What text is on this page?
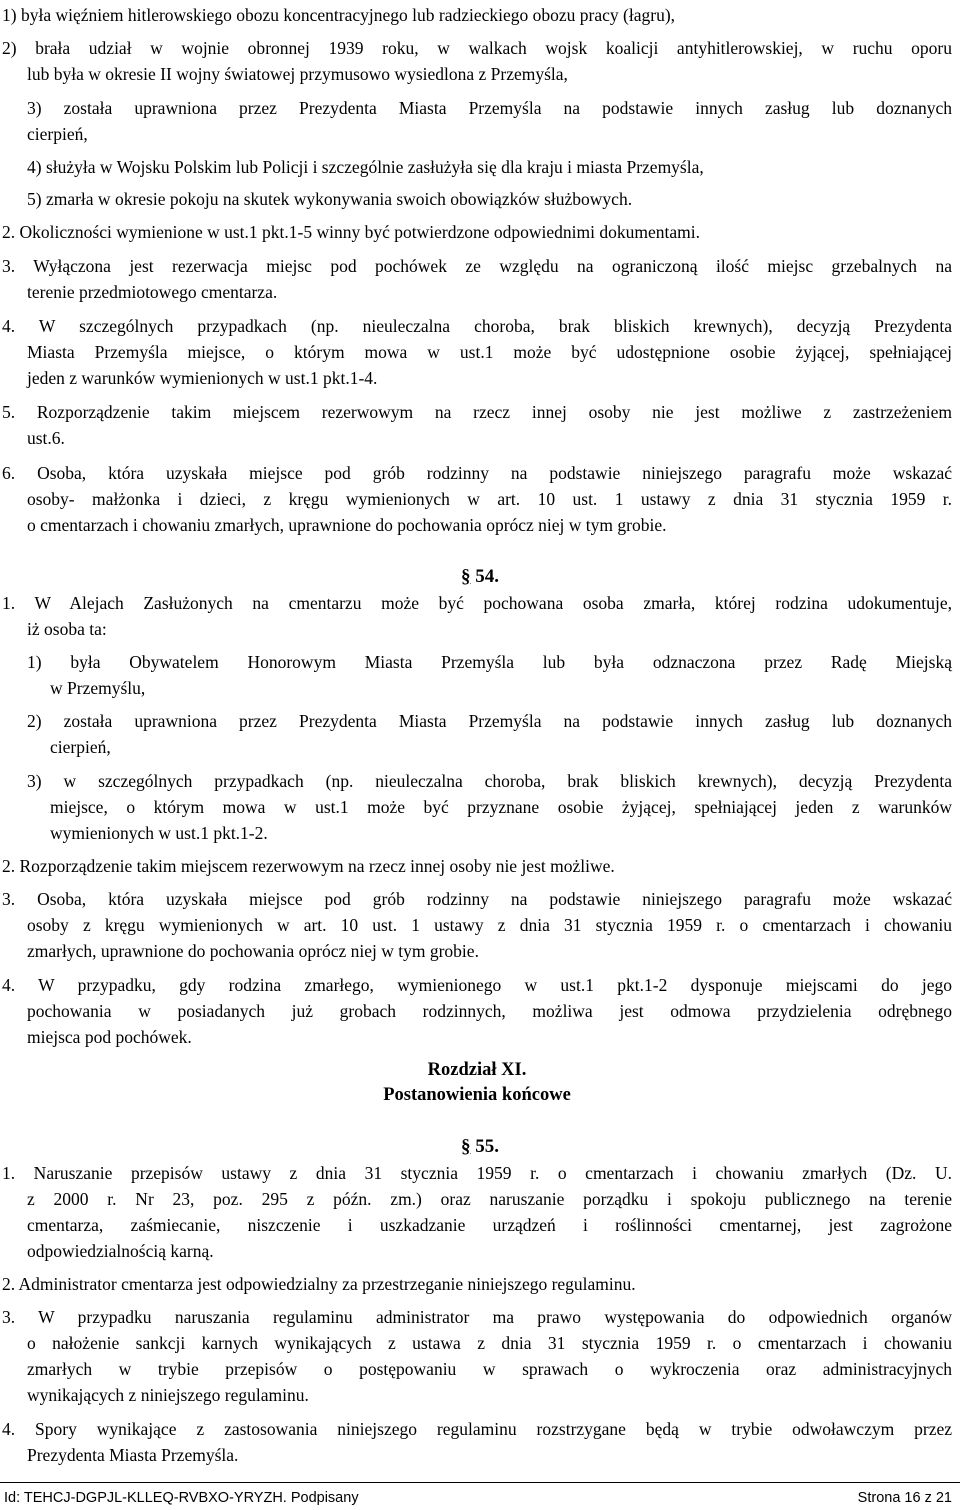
1) była więźniem hitlerowskiego obozu koncentracyjnego lub radzieckiego obozu pracy (łagru),
2) brała udział w wojnie obronnej 1939 roku, w walkach wojsk koalicji antyhitlerowskiej, w ruchu oporu
lub była w okresie II wojny światowej przymusowo wysiedlona z Przemyśla,
3) została uprawniona przez Prezydenta Miasta Przemyśla na podstawie innych zasług lub doznanych
cierpień,
4) służyła w Wojsku Polskim lub Policji i szczególnie zasłużyła się dla kraju i miasta Przemyśla,
5) zmarła w okresie pokoju na skutek wykonywania swoich obowiązków służbowych.
2. Okoliczności wymienione w ust.1 pkt.1-5 winny być potwierdzone odpowiednimi dokumentami.
3. Wyłączona jest rezerwacja miejsc pod pochówek ze względu na ograniczoną ilość miejsc grzebalnych na
terenie przedmiotowego cmentarza.
4. W szczególnych przypadkach (np. nieuleczalna choroba, brak bliskich krewnych), decyzją Prezydenta
Miasta Przemyśla miejsce, o którym mowa w ust.1 może być udostępnione osobie żyjącej, spełniającej
jeden z warunków wymienionych w ust.1 pkt.1-4.
5. Rozporządzenie takim miejscem rezerwowym na rzecz innej osoby nie jest możliwe z zastrzeżeniem
ust.6.
6. Osoba, która uzyskała miejsce pod grób rodzinny na podstawie niniejszego paragrafu może wskazać
osoby- małżonka i dzieci, z kręgu wymienionych w art. 10 ust. 1 ustawy z dnia 31 stycznia 1959 r.
o cmentarzach i chowaniu zmarłych, uprawnione do pochowania oprócz niej w tym grobie.
§ 54.
1. W Alejach Zasłużonych na cmentarzu może być pochowana osoba zmarła, której rodzina udokumentuje,
iż osoba ta:
1) była Obywatelem Honorowym Miasta Przemyśla lub była odznaczona przez Radę Miejską
w Przemyślu,
2) została uprawniona przez Prezydenta Miasta Przemyśla na podstawie innych zasług lub doznanych
cierpień,
3) w szczególnych przypadkach (np. nieuleczalna choroba, brak bliskich krewnych), decyzją Prezydenta
miejsce, o którym mowa w ust.1 może być przyznane osobie żyjącej, spełniającej jeden z warunków
wymienionych w ust.1 pkt.1-2.
2. Rozporządzenie takim miejscem rezerwowym na rzecz innej osoby nie jest możliwe.
3. Osoba, która uzyskała miejsce pod grób rodzinny na podstawie niniejszego paragrafu może wskazać
osoby z kręgu wymienionych w art. 10 ust. 1 ustawy z dnia 31 stycznia 1959 r. o cmentarzach i chowaniu
zmarłych, uprawnione do pochowania oprócz niej w tym grobie.
4. W przypadku, gdy rodzina zmarłego, wymienionego w ust.1 pkt.1-2 dysponuje miejscami do jego
pochowania w posiadanych już grobach rodzinnych, możliwa jest odmowa przydzielenia odrębnego
miejsca pod pochówek.
Rozdział XI.
Postanowienia końcowe
§ 55.
1. Naruszanie przepisów ustawy z dnia 31 stycznia 1959 r. o cmentarzach i chowaniu zmarłych (Dz. U.
z 2000 r. Nr 23, poz. 295 z późn. zm.) oraz naruszanie porządku i spokoju publicznego na terenie
cmentarza, zaśmiecanie, niszczenie i uszkadzanie urządzeń i roślinności cmentarnej, jest zagrożone
odpowiedzialnością karną.
2. Administrator cmentarza jest odpowiedzialny za przestrzeganie niniejszego regulaminu.
3. W przypadku naruszania regulaminu administrator ma prawo występowania do odpowiednich organów
o nałożenie sankcji karnych wynikających z ustawa z dnia 31 stycznia 1959 r. o cmentarzach i chowaniu
zmarłych w trybie przepisów o postępowaniu w sprawach o wykroczenia oraz administracyjnych
wynikających z niniejszego regulaminu.
4. Spory wynikające z zastosowania niniejszego regulaminu rozstrzygane będą w trybie odwoławczym przez
Prezydenta Miasta Przemyśla.
Id: TEHCJ-DGPJL-KLLEQ-RVBXO-YRYZH. Podpisany	Strona 16 z 21
